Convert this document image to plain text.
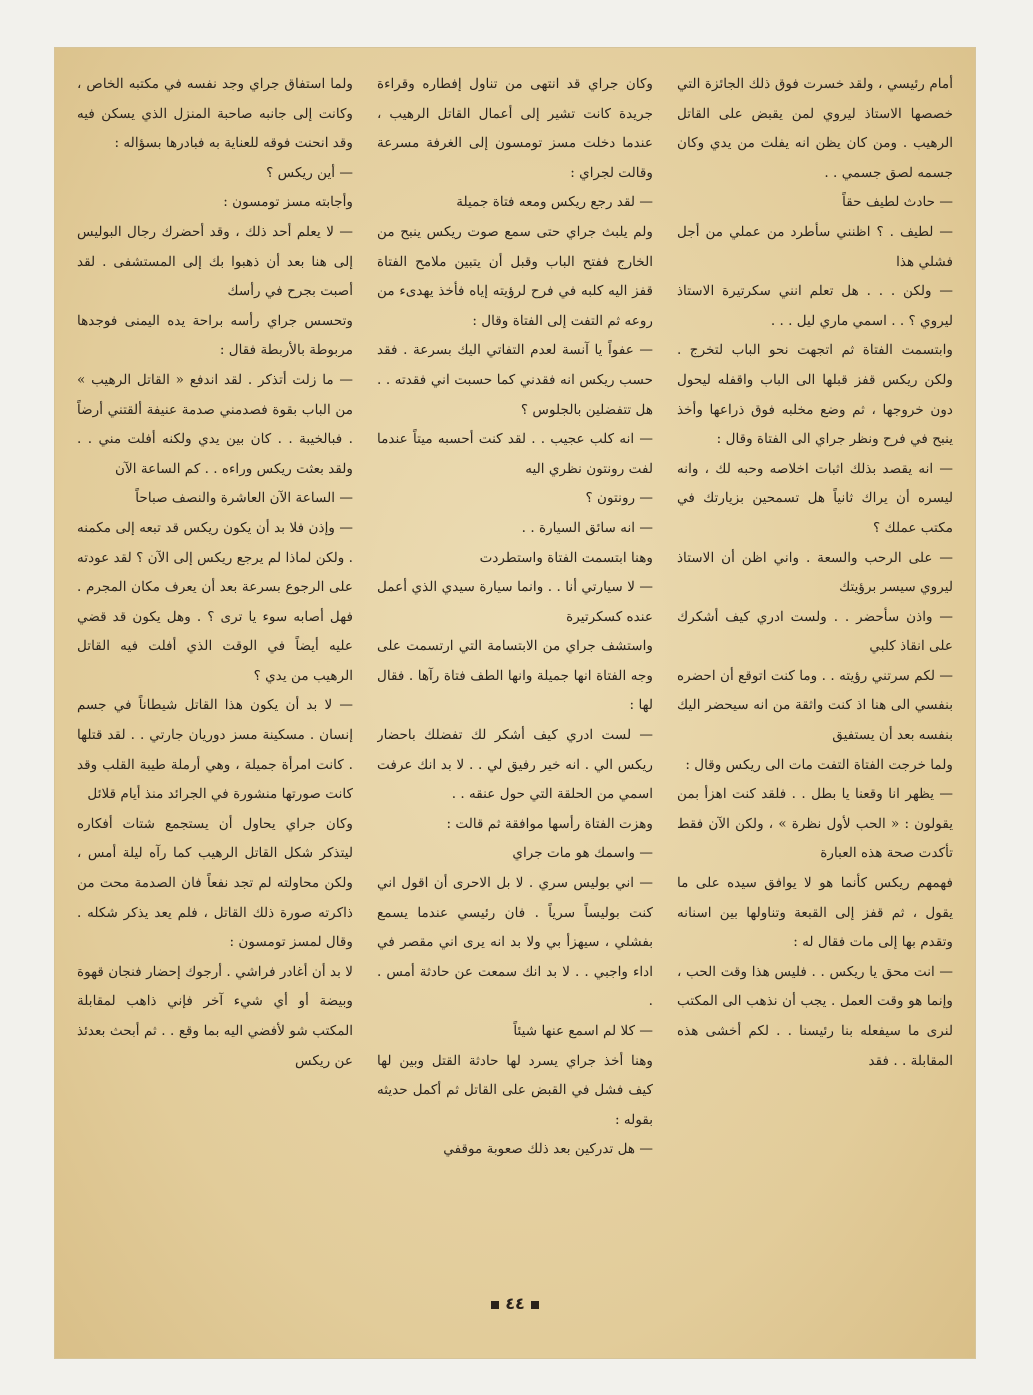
ولما استفاق جراي وجد نفسه في مكتبه الخاص ، وكانت إلى جانبه صاحبة المنزل الذي يسكن فيه وقد انحنت فوقه للعناية به فبادرها بسؤاله :

— أين ريكس ؟

وأجابته مسز تومسون :

— لا يعلم أحد ذلك ، وقد أحضرك رجال البوليس إلى هنا بعد أن ذهبوا بك إلى المستشفى . لقد أصبت بجرح في رأسك

وتحسس جراي رأسه براحة يده اليمنى فوجدها مربوطة بالأربطة فقال :

— ما زلت أتذكر . لقد اندفع « القاتل الرهيب » من الباب بقوة فصدمني صدمة عنيفة ألقتني أرضاً . فبالخيبة . . كان بين يدي ولكنه أفلت مني . . ولقد بعثت ريكس وراءه . . كم الساعة الآن

— الساعة الآن العاشرة والنصف صباحاً

— وإذن فلا بد أن يكون ريكس قد تبعه إلى مكمنه . ولكن لماذا لم يرجع ريكس إلى الآن ؟ لقد عودته على الرجوع بسرعة بعد أن يعرف مكان المجرم . فهل أصابه سوء يا ترى ؟ . وهل يكون قد قضي عليه أيضاً في الوقت الذي أفلت فيه القاتل الرهيب من يدي ؟

— لا بد أن يكون هذا القاتل شيطاناً في جسم إنسان . مسكينة مسز دوريان جارتي . . لقد قتلها . كانت امرأة جميلة ، وهي أرملة طيبة القلب وقد كانت صورتها منشورة في الجرائد منذ أيام قلائل

وكان جراي يحاول أن يستجمع شتات أفكاره ليتذكر شكل القاتل الرهيب كما رآه ليلة أمس ، ولكن محاولته لم تجد نفعاً فان الصدمة محت من ذاكرته صورة ذلك القاتل ، فلم يعد يذكر شكله . وقال لمسز تومسون :

لا بد أن أغادر فراشي . أرجوك إحضار فنجان قهوة وبيضة أو أي شيء آخر فإني ذاهب لمقابلة المكتب شو لأفضي اليه بما وقع . . ثم أبحث بعدئذ عن ريكس

وكان جراي قد انتهى من تناول إفطاره وقراءة جريدة كانت تشير إلى أعمال القاتل الرهيب ، عندما دخلت مسز تومسون إلى الغرفة مسرعة وقالت لجراي :

— لقد رجع ريكس ومعه فتاة جميلة

ولم يلبث جراي حتى سمع صوت ريكس ينبح من الخارج ففتح الباب وقبل أن يتبين ملامح الفتاة قفز اليه كلبه في فرح لرؤيته إياه فأخذ يهدىء من روعه ثم التفت إلى الفتاة وقال :

— عفواً يا آنسة لعدم التفاتي اليك بسرعة . فقد حسب ريكس انه فقدني كما حسبت اني فقدته . . هل تتفضلين بالجلوس ؟

— انه كلب عجيب . . لقد كنت أحسبه ميتاً عندما لفت رونتون نظري اليه

— رونتون ؟

— انه سائق السيارة . .

وهنا ابتسمت الفتاة واستطردت

— لا سيارتي أنا . . وانما سيارة سيدي الذي أعمل عنده كسكرتيرة

واستشف جراي من الابتسامة التي ارتسمت على وجه الفتاة انها جميلة وانها الطف فتاة رآها . فقال لها :

— لست ادري كيف أشكر لك تفضلك باحضار ريكس الي . انه خير رفيق لي . . لا بد انك عرفت اسمي من الحلقة التي حول عنقه . .

وهزت الفتاة رأسها موافقة ثم قالت :

— واسمك هو مات جراي

— اني بوليس سري . لا بل الاحرى أن اقول اني كنت بوليساً سرياً . فان رئيسي عندما يسمع بفشلي ، سيهزأ بي ولا بد انه يرى اني مقصر في اداء واجبي . . لا بد انك سمعت عن حادثة أمس . .

— كلا لم اسمع عنها شيئاً

وهنا أخذ جراي يسرد لها حادثة القتل وبين لها كيف فشل في القبض على القاتل ثم أكمل حديثه بقوله :

— هل تدركين بعد ذلك صعوبة موقفي

أمام رئيسي ، ولقد خسرت فوق ذلك الجائزة التي خصصها الاستاذ ليروي لمن يقبض على القاتل الرهيب . ومن كان يظن انه يفلت من يدي وكان جسمه لصق جسمي . .

— حادث لطيف حقاً

— لطيف . ؟ اظنني سأطرد من عملي من أجل فشلي هذا

— ولكن . . . هل تعلم انني سكرتيرة الاستاذ ليروي ؟ . . اسمي ماري ليل . . .

وابتسمت الفتاة ثم اتجهت نحو الباب لتخرج . ولكن ريكس قفز قبلها الى الباب واقفله ليحول دون خروجها ، ثم وضع مخلبه فوق ذراعها وأخذ ينبح في فرح ونظر جراي الى الفتاة وقال :

— انه يقصد بذلك اثبات اخلاصه وحبه لك ، وانه ليسره أن يراك ثانياً هل تسمحين بزيارتك في مكتب عملك ؟

— على الرحب والسعة . واني اظن أن الاستاذ ليروي سيسر برؤيتك

— واذن سأحضر . . ولست ادري كيف أشكرك على انقاذ كلبي

— لكم سرتني رؤيته . . وما كنت اتوقع أن احضره بنفسي الى هنا اذ كنت واثقة من انه سيحضر اليك بنفسه بعد أن يستفيق

ولما خرجت الفتاة التفت مات الى ريكس وقال :

— يظهر انا وقعنا يا بطل . . فلقد كنت اهزأ بمن يقولون : « الحب لأول نظرة » ، ولكن الآن فقط تأكدت صحة هذه العبارة

فهمهم ريكس كأنما هو لا يوافق سيده على ما يقول ، ثم قفز إلى القبعة وتناولها بين اسنانه وتقدم بها إلى مات فقال له :

— انت محق يا ريكس . . فليس هذا وقت الحب ، وإنما هو وقت العمل . يجب أن نذهب الى المكتب لنرى ما سيفعله بنا رئيسنا . . لكم أخشى هذه المقابلة . . فقد

٤٤
